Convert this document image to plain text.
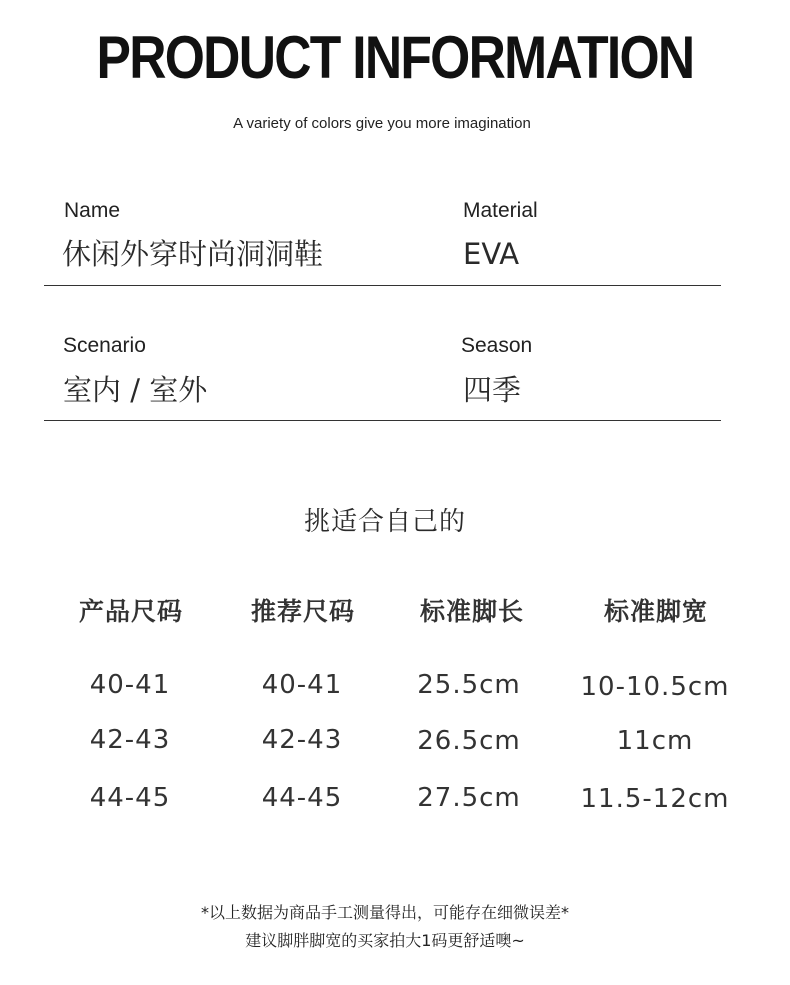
PRODUCT INFORMATION
A variety of colors give you more imagination
Name
休闲外穿时尚洞洞鞋
Material
EVA
Scenario
室内 / 室外
Season
四季
挑适合自己的
产品尺码	推荐尺码	标准脚长	标准脚宽
40-41	40-41	25.5cm	10-10.5cm
42-43	42-43	26.5cm	11cm
44-45	44-45	27.5cm	11.5-12cm
*以上数据为商品手工测量得出，可能存在细微误差*
建议脚胖脚宽的买家拍大1码更舒适噢~
